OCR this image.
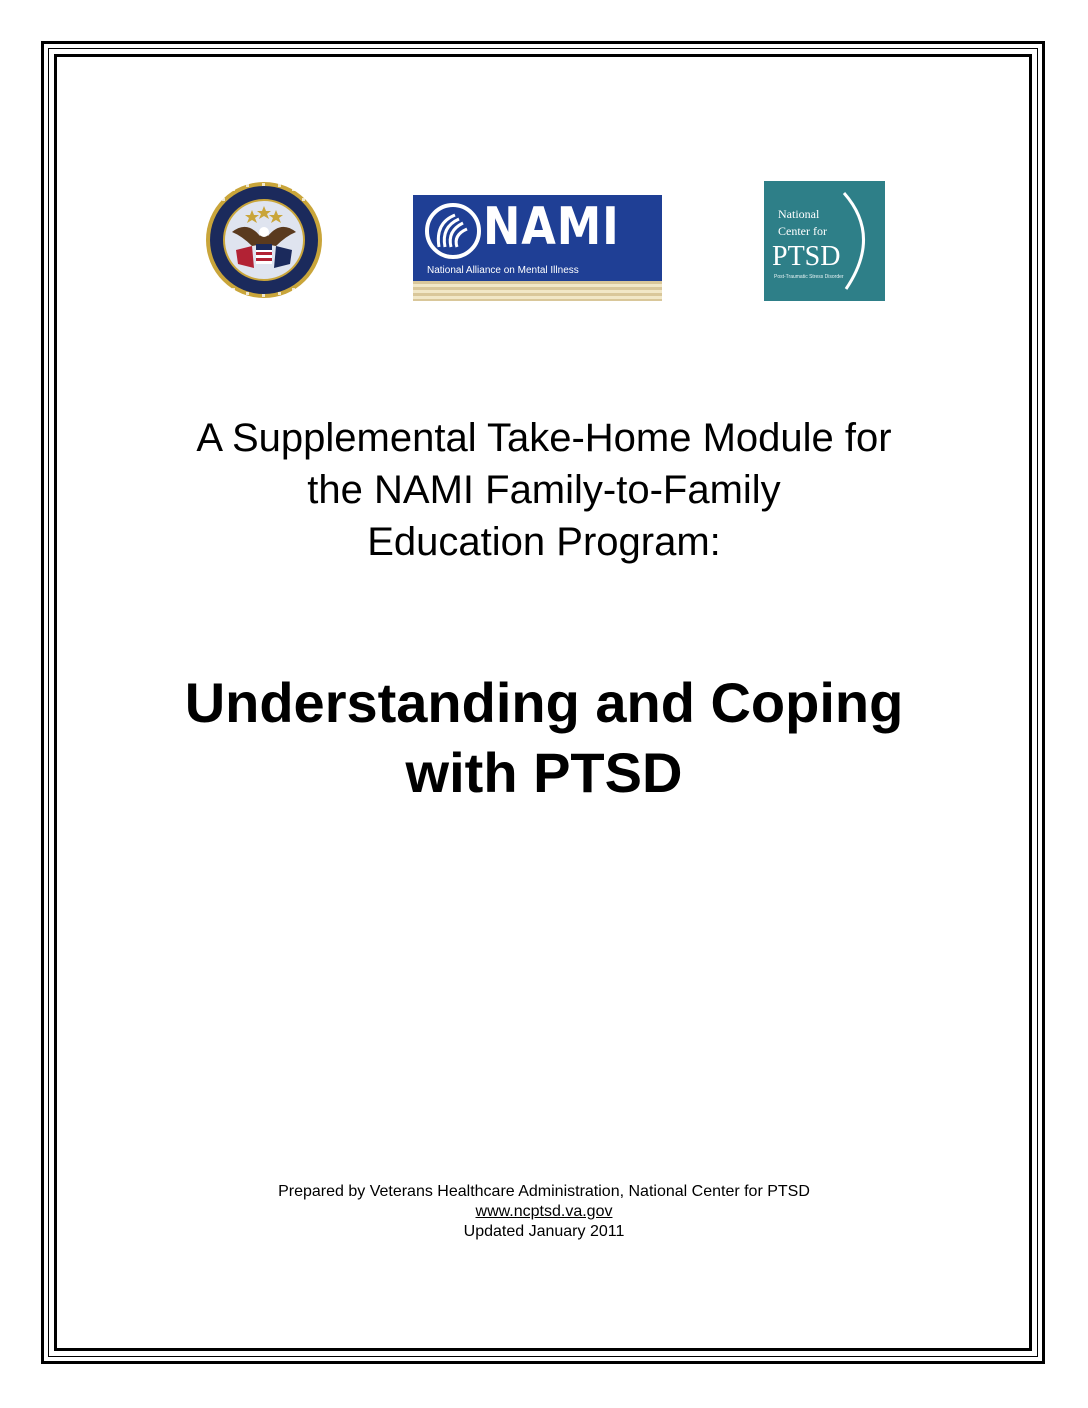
NAMI
National Alliance on Mental Illness
National
Center for
PTSD
Post-Traumatic Stress Disorder
A Supplemental Take-Home Module for
the NAMI Family-to-Family
Education Program:
Understanding and Coping
with PTSD
Prepared by Veterans Healthcare Administration, National Center for PTSD
www.ncptsd.va.gov
Updated January 2011
